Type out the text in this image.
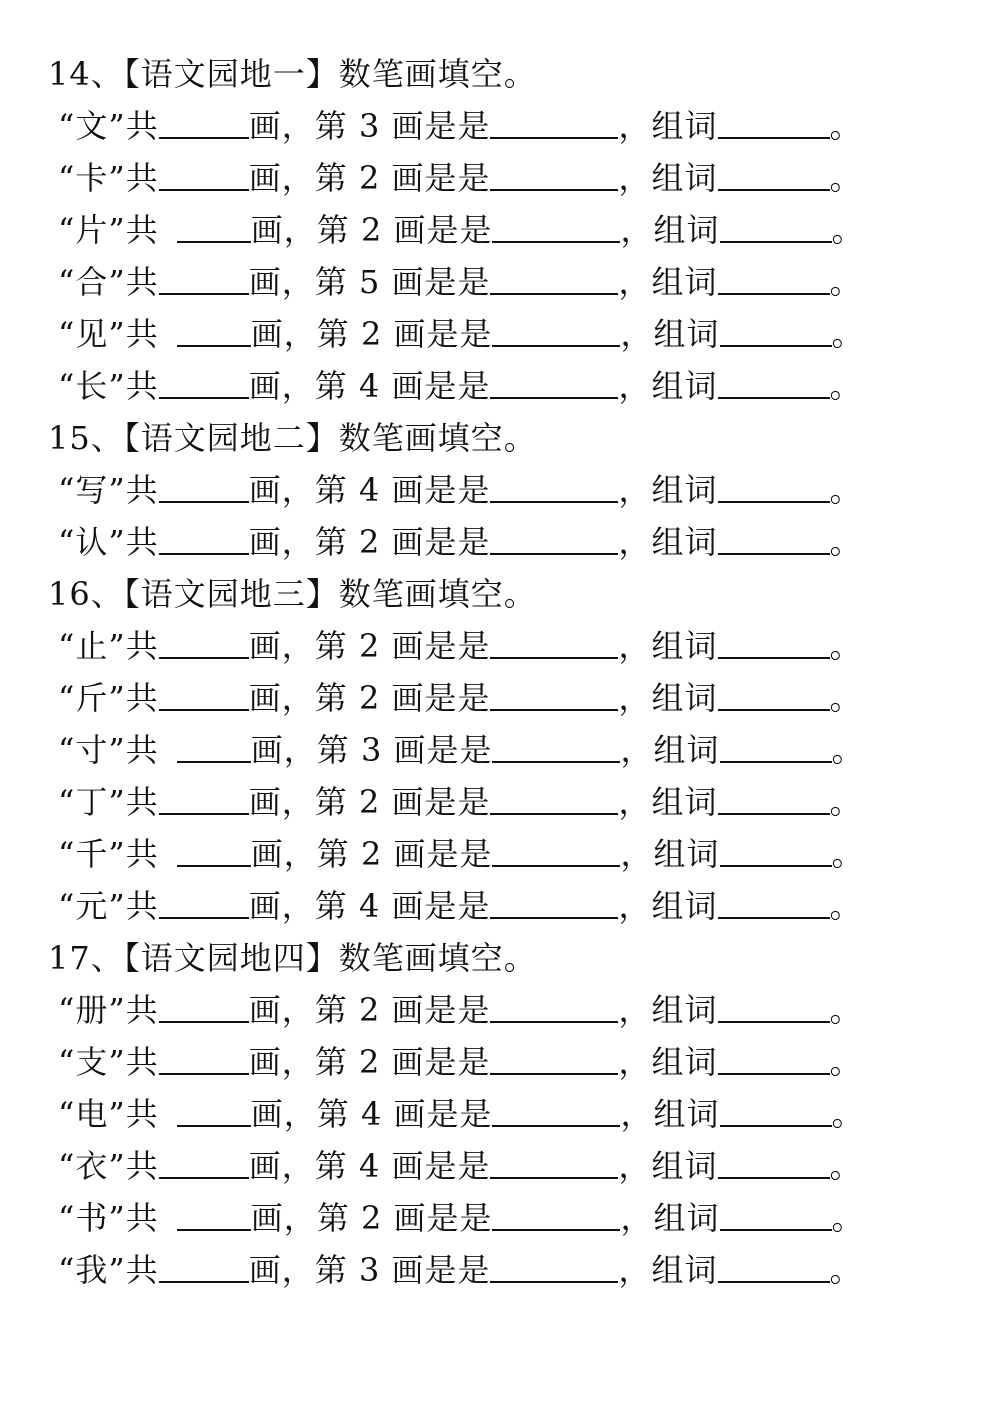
14、【语文园地一】数笔画填空。
“文”共	画，第 3 画是是	，组词	。
“卡”共	画，第 2 画是是	，组词	。
“片”共	画，第 2 画是是	，组词	。
“合”共	画，第 5 画是是	，组词	。
“见”共	画，第 2 画是是	，组词	。
“长”共	画，第 4 画是是	，组词	。
15、【语文园地二】数笔画填空。
“写”共	画，第 4 画是是	，组词	。
“认”共	画，第 2 画是是	，组词	。
16、【语文园地三】数笔画填空。
“止”共	画，第 2 画是是	，组词	。
“斤”共	画，第 2 画是是	，组词	。
“寸”共	画，第 3 画是是	，组词	。
“丁”共	画，第 2 画是是	，组词	。
“千”共	画，第 2 画是是	，组词	。
“元”共	画，第 4 画是是	，组词	。
17、【语文园地四】数笔画填空。
“册”共	画，第 2 画是是	，组词	。
“支”共	画，第 2 画是是	，组词	。
“电”共	画，第 4 画是是	，组词	。
“衣”共	画，第 4 画是是	，组词	。
“书”共	画，第 2 画是是	，组词	。
“我”共	画，第 3 画是是	，组词	。
